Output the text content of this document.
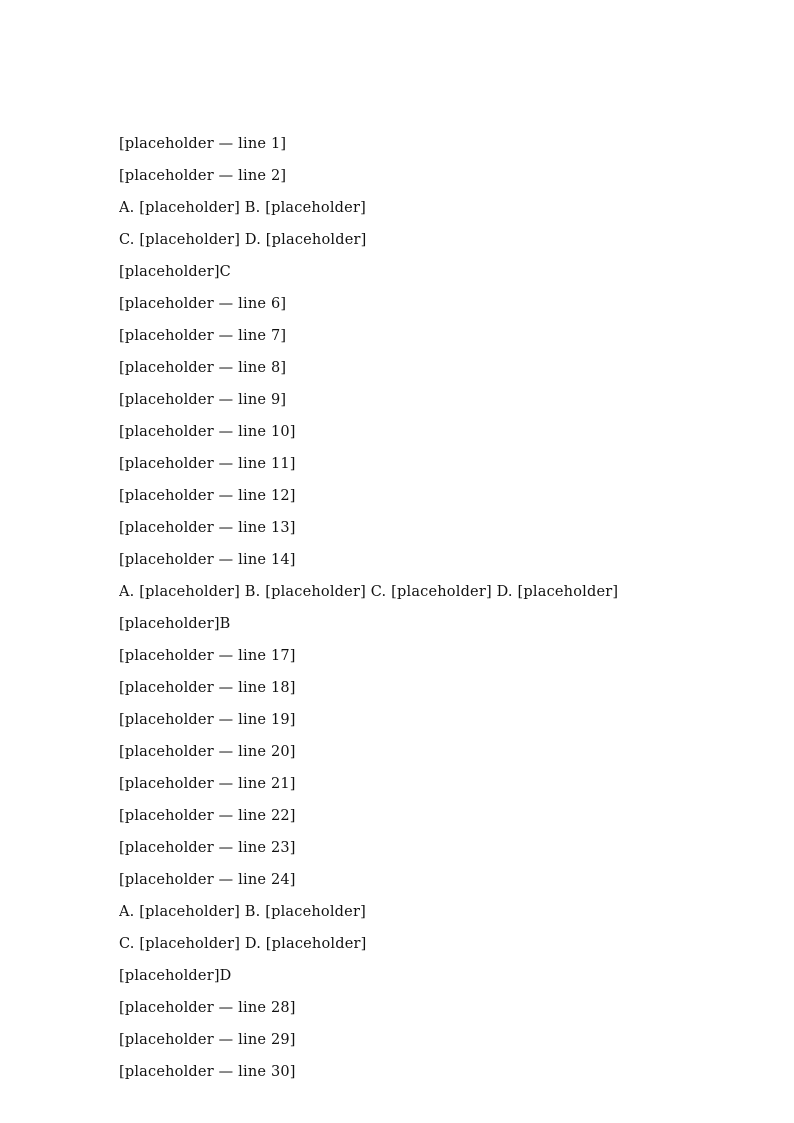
[placeholder — line 1]
[placeholder — line 2]
A. [placeholder] B. [placeholder]
C. [placeholder] D. [placeholder]
[placeholder]C
[placeholder — line 6]
[placeholder — line 7]
[placeholder — line 8]
[placeholder — line 9]
[placeholder — line 10]
[placeholder — line 11]
[placeholder — line 12]
[placeholder — line 13]
[placeholder — line 14]
A. [placeholder] B. [placeholder] C. [placeholder] D. [placeholder]
[placeholder]B
[placeholder — line 17]
[placeholder — line 18]
[placeholder — line 19]
[placeholder — line 20]
[placeholder — line 21]
[placeholder — line 22]
[placeholder — line 23]
[placeholder — line 24]
A. [placeholder] B. [placeholder]
C. [placeholder] D. [placeholder]
[placeholder]D
[placeholder — line 28]
[placeholder — line 29]
[placeholder — line 30]
